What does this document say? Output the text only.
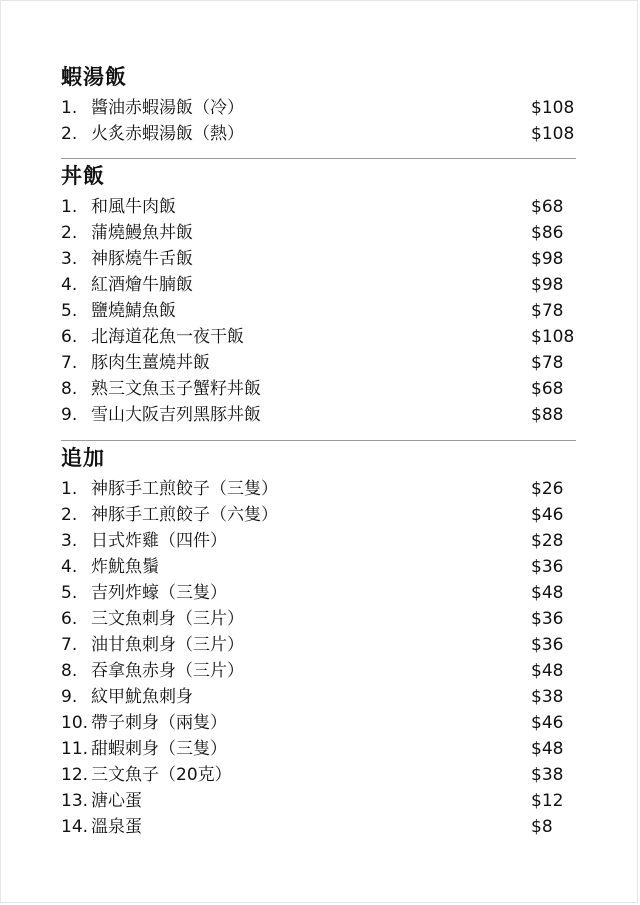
蝦湯飯
1. 醬油赤蝦湯飯（冷）	$108
2. 火炙赤蝦湯飯（熱）	$108
丼飯
1. 和風牛肉飯	$68
2. 蒲燒鰻魚丼飯	$86
3. 神豚燒牛舌飯	$98
4. 紅酒燴牛腩飯	$98
5. 鹽燒鯖魚飯	$78
6. 北海道花魚一夜干飯	$108
7. 豚肉生薑燒丼飯	$78
8. 熟三文魚玉子蟹籽丼飯	$68
9. 雪山大阪吉列黑豚丼飯	$88
追加
1. 神豚手工煎餃子（三隻）	$26
2. 神豚手工煎餃子（六隻）	$46
3. 日式炸雞（四件）	$28
4. 炸魷魚鬚	$36
5. 吉列炸蠔（三隻）	$48
6. 三文魚刺身（三片）	$36
7. 油甘魚刺身（三片）	$36
8. 吞拿魚赤身（三片）	$48
9. 紋甲魷魚刺身	$38
10. 帶子刺身（兩隻）	$46
11. 甜蝦刺身（三隻）	$48
12. 三文魚子（20克）	$38
13. 溏心蛋	$12
14. 溫泉蛋	$8
